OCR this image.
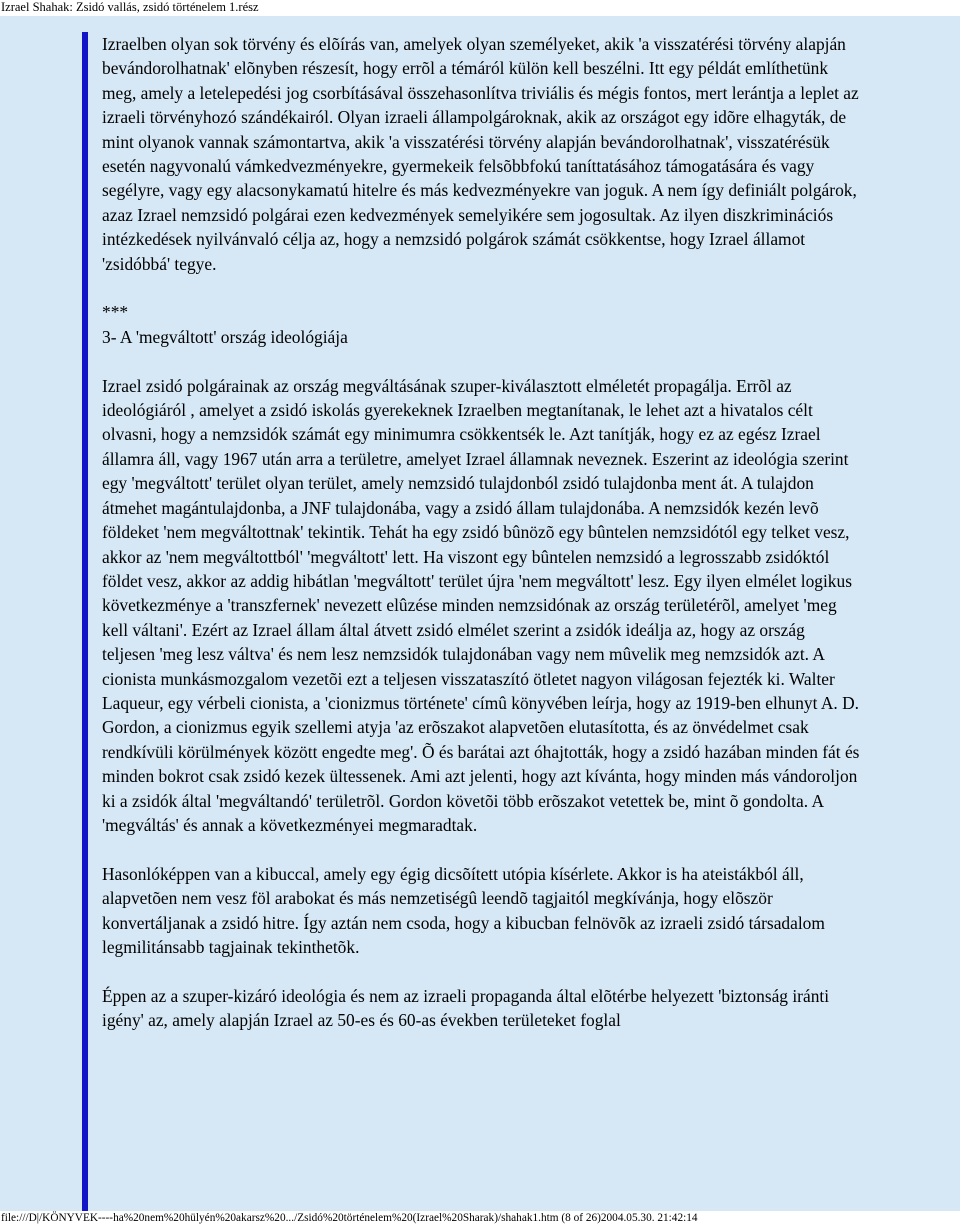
Izrael Shahak: Zsidó vallás, zsidó történelem 1.rész

Izraelben olyan sok törvény és elõírás van, amelyek olyan személyeket, akik 'a visszatérési törvény alapján bevándorolhatnak' elõnyben részesít, hogy errõl a témáról külön kell beszélni. Itt egy példát említhetünk meg, amely a letelepedési jog csorbításával összehasonlítva triviális és mégis fontos, mert lerántja a leplet az izraeli törvényhozó szándékairól. Olyan izraeli állampolgároknak, akik az országot egy idõre elhagyták, de mint olyanok vannak számontartva, akik 'a visszatérési törvény alapján bevándorolhatnak', visszatérésük esetén nagyvonalú vámkedvezményekre, gyermekeik felsõbbfokú taníttatásához támogatására és vagy segélyre, vagy egy alacsonykamatú hitelre és más kedvezményekre van joguk. A nem így definiált polgárok, azaz Izrael nemzsidó polgárai ezen kedvezmények semelyikére sem jogosultak. Az ilyen diszkriminációs intézkedések nyilvánvaló célja az, hogy a nemzsidó polgárok számát csökkentse, hogy Izrael államot 'zsidóbbá' tegye.

***

3- A 'megváltott' ország ideológiája

Izrael zsidó polgárainak az ország megváltásának szuper-kiválasztott elméletét propagálja. Errõl az ideológiáról , amelyet a zsidó iskolás gyerekeknek Izraelben megtanítanak, le lehet azt a hivatalos célt olvasni, hogy a nemzsidók számát egy minimumra csökkentsék le. Azt tanítják, hogy ez az egész Izrael államra áll, vagy 1967 után arra a területre, amelyet Izrael államnak neveznek. Eszerint az ideológia szerint egy 'megváltott' terület olyan terület, amely nemzsidó tulajdonból zsidó tulajdonba ment át. A tulajdon átmehet magántulajdonba, a JNF tulajdonába, vagy a zsidó állam tulajdonába. A nemzsidók kezén levõ földeket 'nem megváltottnak' tekintik. Tehát ha egy zsidó bûnözõ egy bûntelen nemzsidótól egy telket vesz, akkor az 'nem megváltottból' 'megváltott' lett. Ha viszont egy bûntelen nemzsidó a legrosszabb zsidóktól földet vesz, akkor az addig hibátlan 'megváltott' terület újra 'nem megváltott' lesz. Egy ilyen elmélet logikus következménye a 'transzfernek' nevezett elûzése minden nemzsidónak az ország területérõl, amelyet 'meg kell váltani'. Ezért az Izrael állam által átvett zsidó elmélet szerint a zsidók ideálja az, hogy az ország teljesen 'meg lesz váltva' és nem lesz nemzsidók tulajdonában vagy nem mûvelik meg nemzsidók azt. A cionista munkásmozgalom vezetõi ezt a teljesen visszataszító ötletet nagyon világosan fejezték ki. Walter Laqueur, egy vérbeli cionista, a 'cionizmus története' címû könyvében leírja, hogy az 1919-ben elhunyt A. D. Gordon, a cionizmus egyik szellemi atyja 'az erõszakot alapvetõen elutasította, és az önvédelmet csak rendkívüli körülmények között engedte meg'. Õ és barátai azt óhajtották, hogy a zsidó hazában minden fát és minden bokrot csak zsidó kezek ültessenek. Ami azt jelenti, hogy azt kívánta, hogy minden más vándoroljon ki a zsidók által 'megváltandó' területrõl. Gordon követõi több erõszakot vetettek be, mint õ gondolta. A 'megváltás' és annak a következményei megmaradtak.

Hasonlóképpen van a kibuccal, amely egy égig dicsõített utópia kísérlete. Akkor is ha ateistákból áll, alapvetõen nem vesz föl arabokat és más nemzetiségû leendõ tagjaitól megkívánja, hogy elõször konvertáljanak a zsidó hitre. Így aztán nem csoda, hogy a kibucban felnövõk az izraeli zsidó társadalom legmilitánsabb tagjainak tekinthetõk.

Éppen az a szuper-kizáró ideológia és nem az izraeli propaganda által elõtérbe helyezett 'biztonság iránti igény' az, amely alapján Izrael az 50-es és 60-as években területeket foglal

file:///D|/KÖNYVEK----ha%20nem%20hülyén%20akarsz%20.../Zsidó%20történelem%20(Izrael%20Sharak)/shahak1.htm (8 of 26)2004.05.30. 21:42:14
